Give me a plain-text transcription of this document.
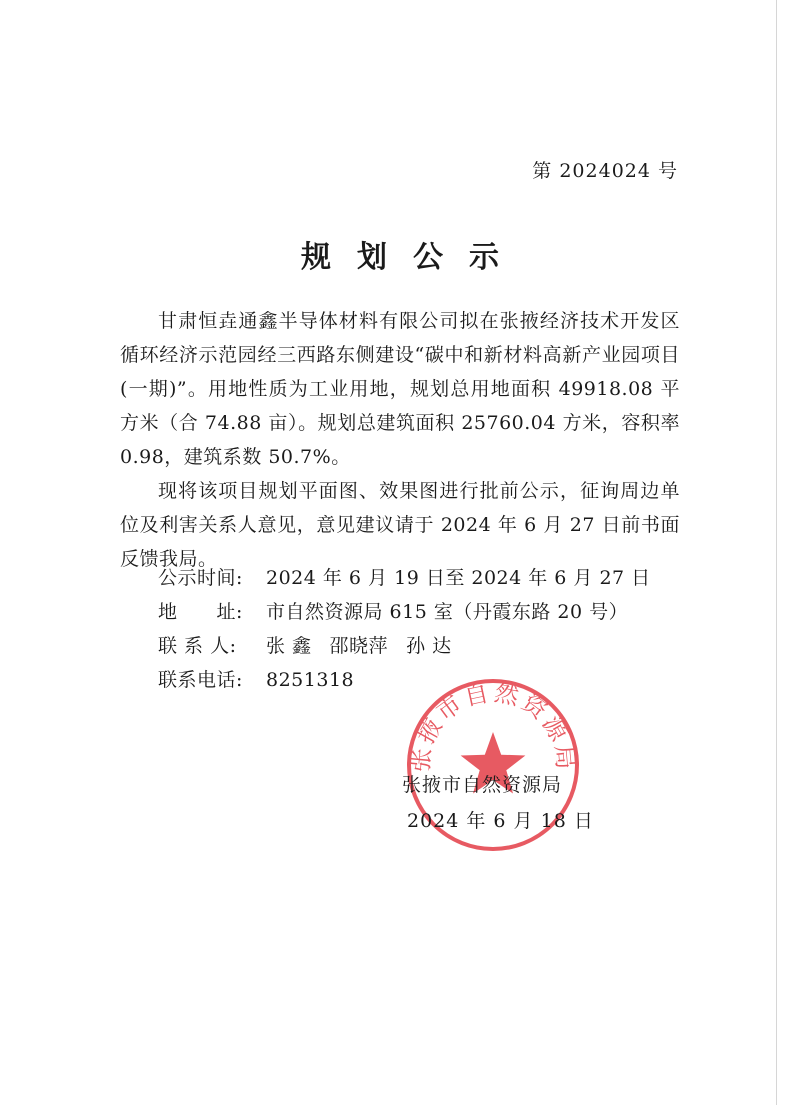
第 2024024 号
规划公示

甘肃恒垚通鑫半导体材料有限公司拟在张掖经济技术开发区循环经济示范园经三西路东侧建设“碳中和新材料高新产业园项目(一期)”。用地性质为工业用地，规划总用地面积 49918.08 平方米（合 74.88 亩）。规划总建筑面积 25760.04 方米，容积率 0.98，建筑系数 50.7%。

现将该项目规划平面图、效果图进行批前公示，征询周边单位及利害关系人意见，意见建议请于 2024 年 6 月 27 日前书面反馈我局。

公示时间: 2024 年 6 月 19 日至 2024 年 6 月 27 日
地　　址: 市自然资源局 615 室（丹霞东路 20 号）
联 系 人: 张 鑫 邵晓萍 孙 达
联系电话: 8251318
张掖市自然资源局
张掖市自然资源局
2024 年 6 月 18 日
